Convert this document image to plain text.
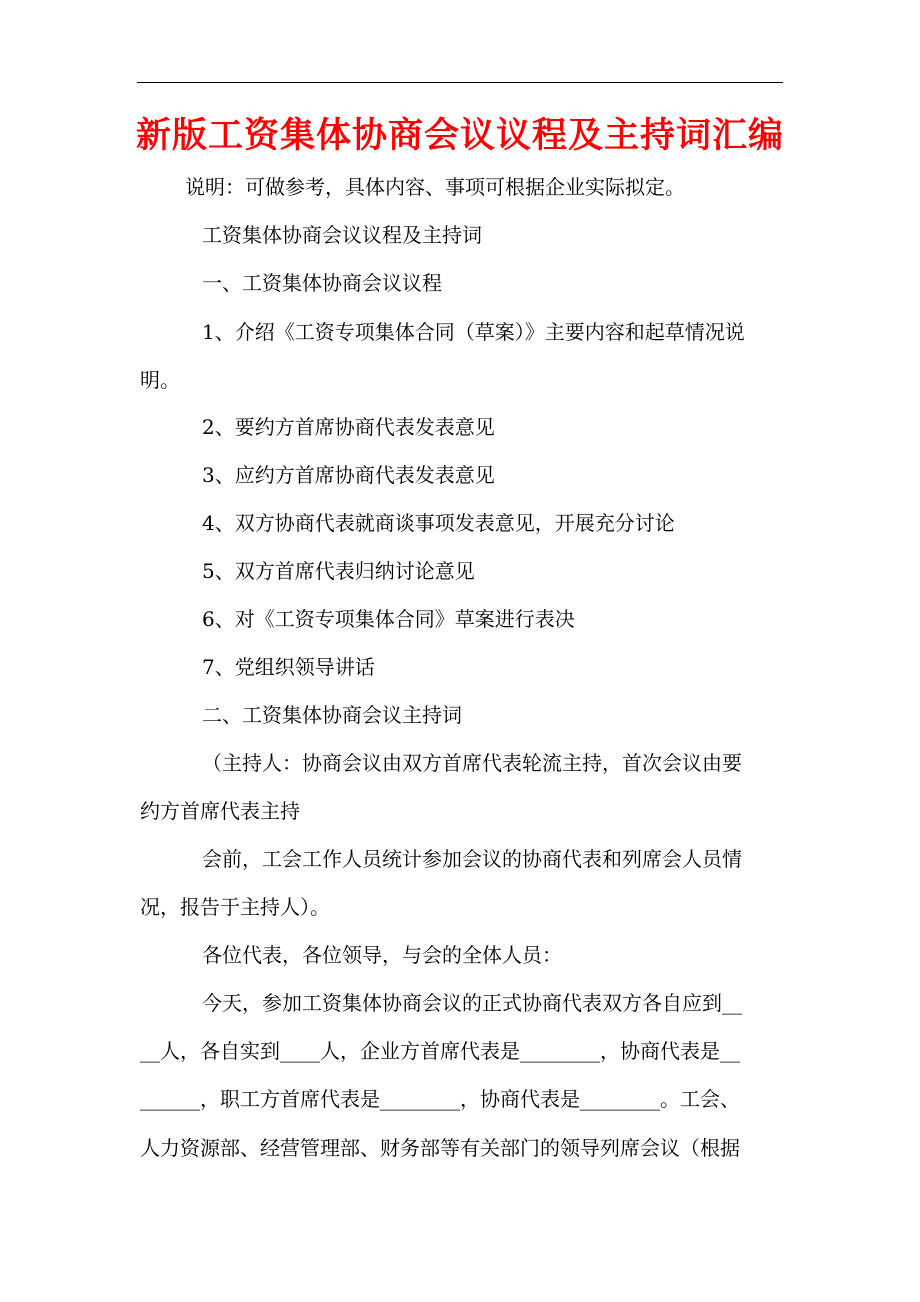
新版工资集体协商会议议程及主持词汇编

说明：可做参考，具体内容、事项可根据企业实际拟定。

工资集体协商会议议程及主持词

一、工资集体协商会议议程

1、介绍《工资专项集体合同（草案）》主要内容和起草情况说

明。

2、要约方首席协商代表发表意见

3、应约方首席协商代表发表意见

4、双方协商代表就商谈事项发表意见，开展充分讨论

5、双方首席代表归纳讨论意见

6、对《工资专项集体合同》草案进行表决

7、党组织领导讲话

二、工资集体协商会议主持词

（主持人：协商会议由双方首席代表轮流主持，首次会议由要

约方首席代表主持

会前，工会工作人员统计参加会议的协商代表和列席会人员情

况，报告于主持人）。

各位代表，各位领导，与会的全体人员：

今天，参加工资集体协商会议的正式协商代表双方各自应到__

__人，各自实到____人，企业方首席代表是________，协商代表是__

______，职工方首席代表是________，协商代表是________。工会、

人力资源部、经营管理部、财务部等有关部门的领导列席会议（根据
